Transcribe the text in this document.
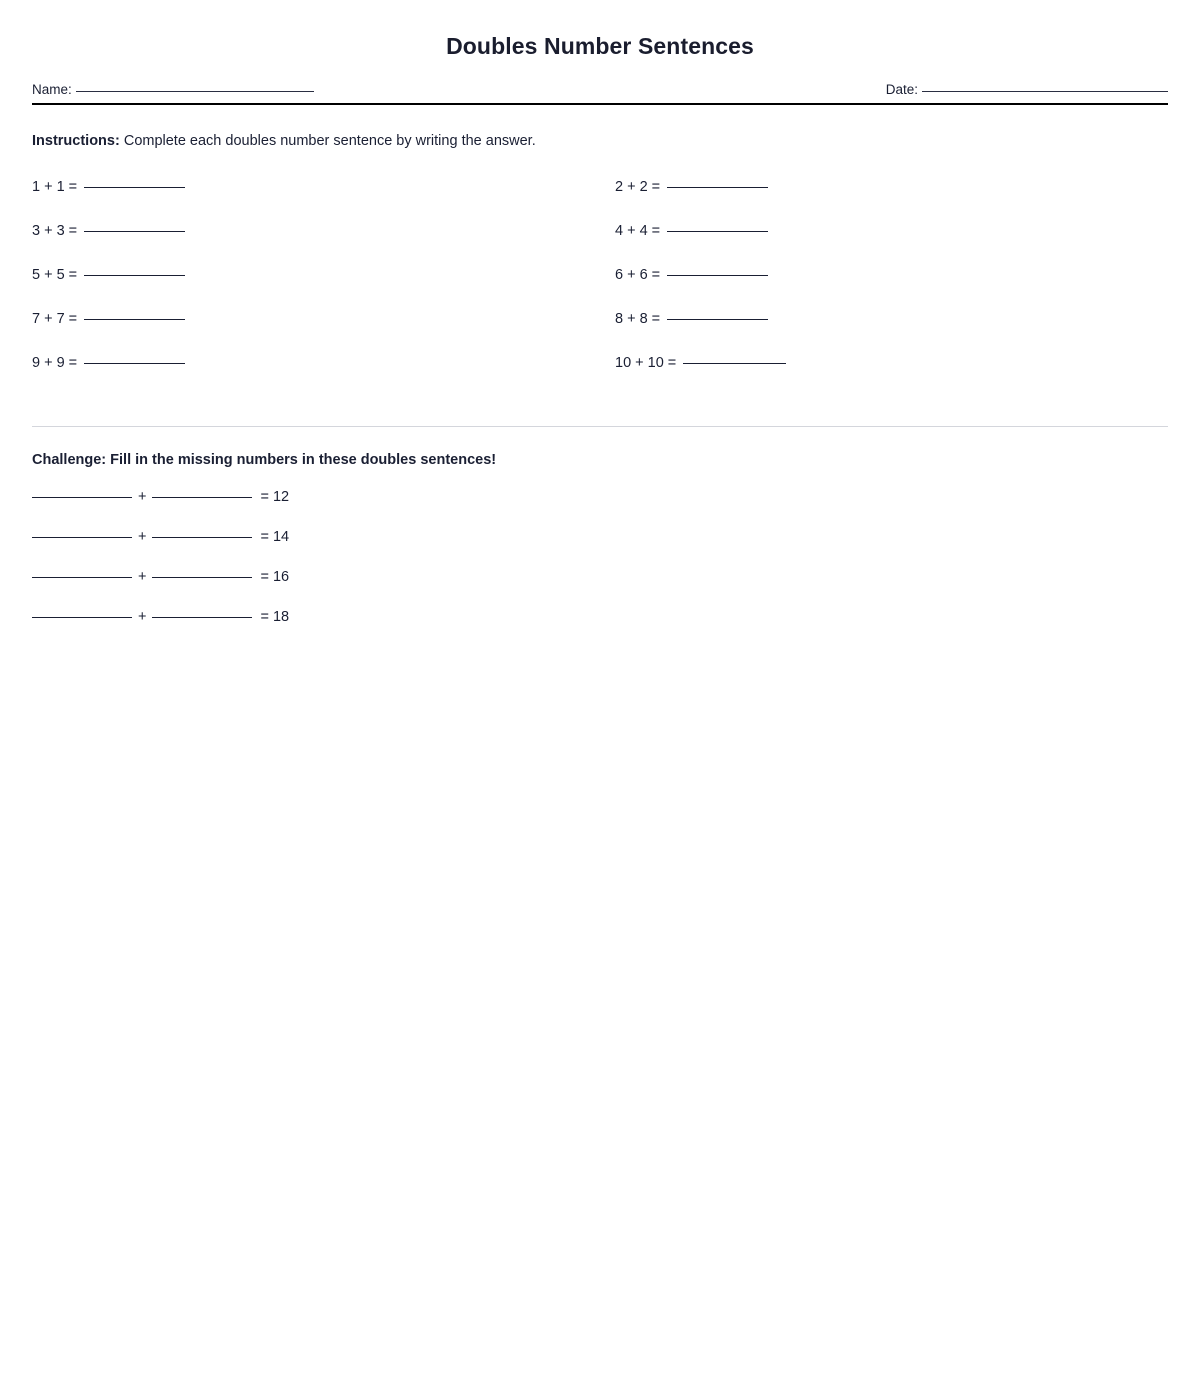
Doubles Number Sentences
Name:	Date:
Instructions: Complete each doubles number sentence by writing the answer.
1 + 1 =	2 + 2 =
3 + 3 =	4 + 4 =
5 + 5 =	6 + 6 =
7 + 7 =	8 + 8 =
9 + 9 =	10 + 10 =
Challenge: Fill in the missing numbers in these doubles sentences!
+	= 12
+	= 14
+	= 16
+	= 18
